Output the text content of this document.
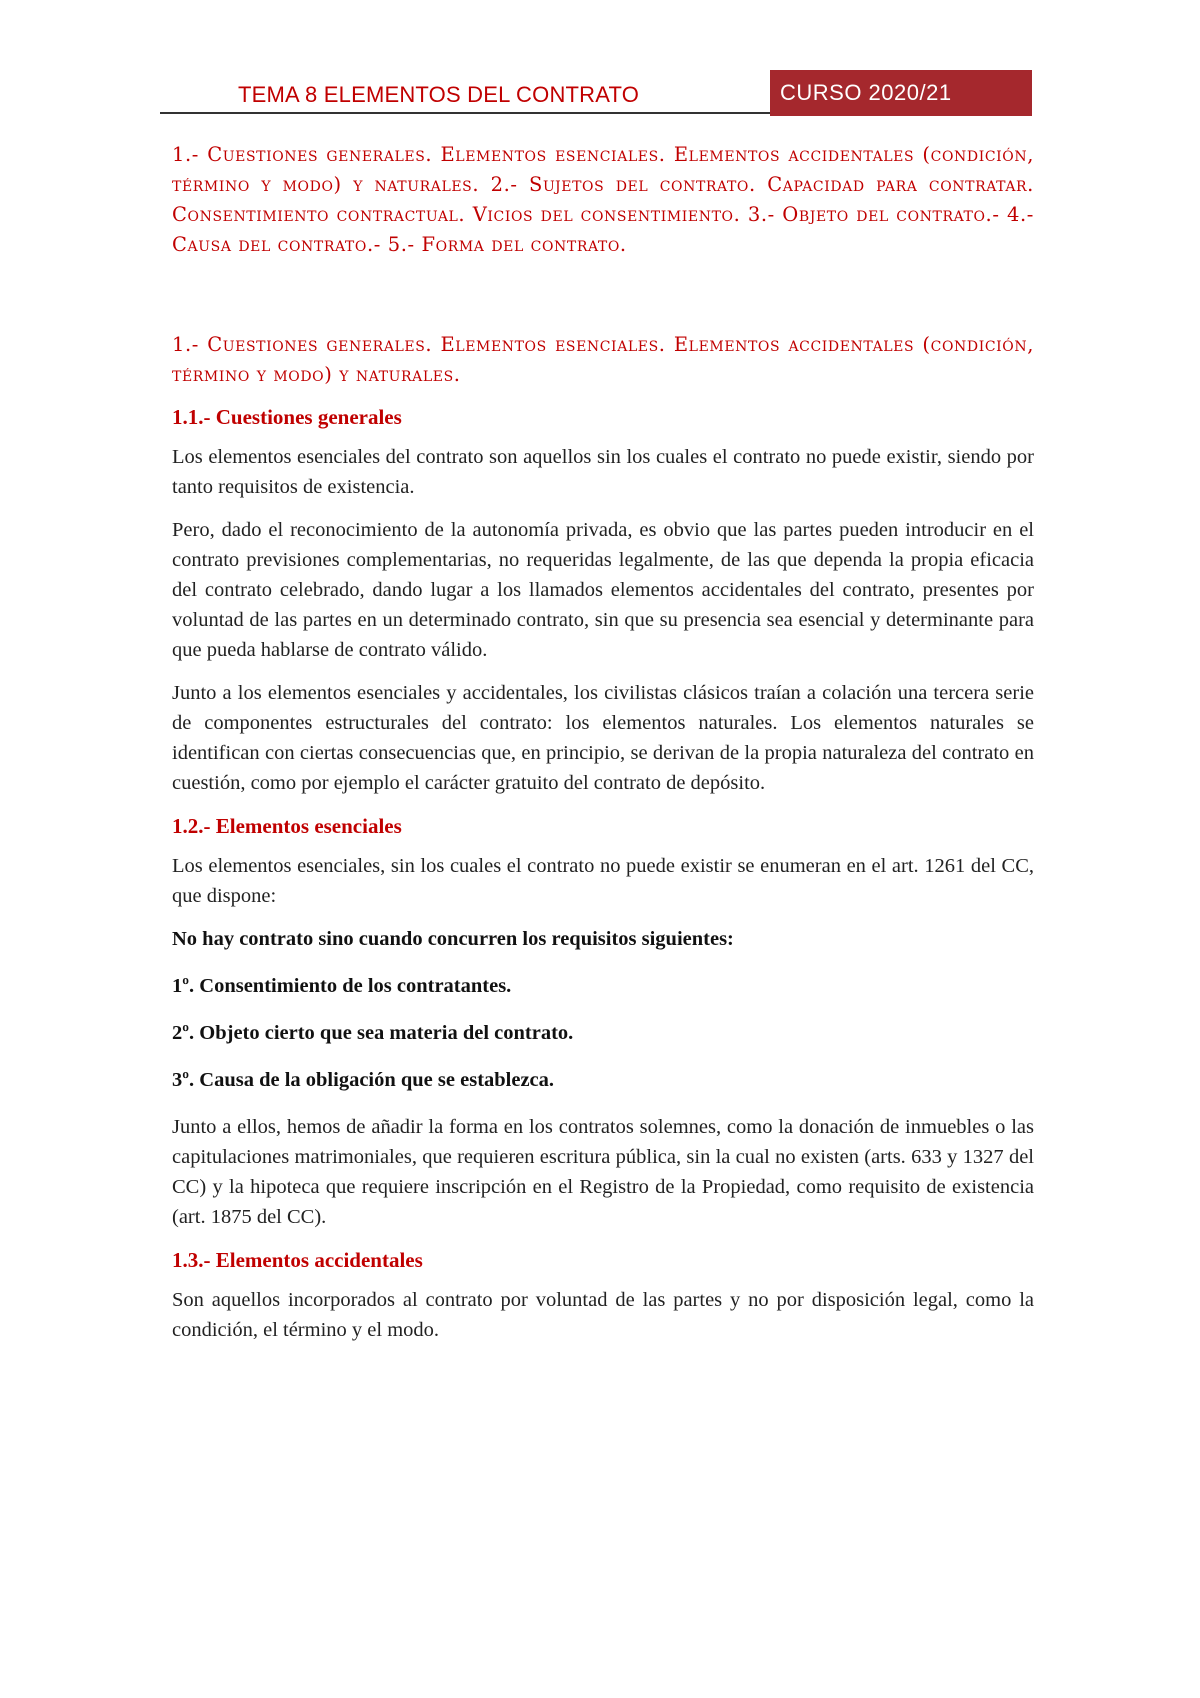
TEMA 8 ELEMENTOS DEL CONTRATO	CURSO 2020/21

1.- Cuestiones generales. Elementos esenciales. Elementos accidentales (condición, término y modo) y naturales. 2.- Sujetos del contrato. Capacidad para contratar. Consentimiento contractual. Vicios del consentimiento. 3.- Objeto del contrato.- 4.- Causa del contrato.- 5.- Forma del contrato.

1.- Cuestiones generales. Elementos esenciales. Elementos accidentales (condición, término y modo) y naturales.

1.1.- Cuestiones generales

Los elementos esenciales del contrato son aquellos sin los cuales el contrato no puede existir, siendo por tanto requisitos de existencia.

Pero, dado el reconocimiento de la autonomía privada, es obvio que las partes pueden introducir en el contrato previsiones complementarias, no requeridas legalmente, de las que dependa la propia eficacia del contrato celebrado, dando lugar a los llamados elementos accidentales del contrato, presentes por voluntad de las partes en un determinado contrato, sin que su presencia sea esencial y determinante para que pueda hablarse de contrato válido.

Junto a los elementos esenciales y accidentales, los civilistas clásicos traían a colación una tercera serie de componentes estructurales del contrato: los elementos naturales. Los elementos naturales se identifican con ciertas consecuencias que, en principio, se derivan de la propia naturaleza del contrato en cuestión, como por ejemplo el carácter gratuito del contrato de depósito.

1.2.- Elementos esenciales

Los elementos esenciales, sin los cuales el contrato no puede existir se enumeran en el art. 1261 del CC, que dispone:

No hay contrato sino cuando concurren los requisitos siguientes:

1º. Consentimiento de los contratantes.

2º. Objeto cierto que sea materia del contrato.

3º. Causa de la obligación que se establezca.

Junto a ellos, hemos de añadir la forma en los contratos solemnes, como la donación de inmuebles o las capitulaciones matrimoniales, que requieren escritura pública, sin la cual no existen (arts. 633 y 1327 del CC) y la hipoteca que requiere inscripción en el Registro de la Propiedad, como requisito de existencia (art. 1875 del CC).

1.3.- Elementos accidentales

Son aquellos incorporados al contrato por voluntad de las partes y no por disposición legal, como la condición, el término y el modo.
